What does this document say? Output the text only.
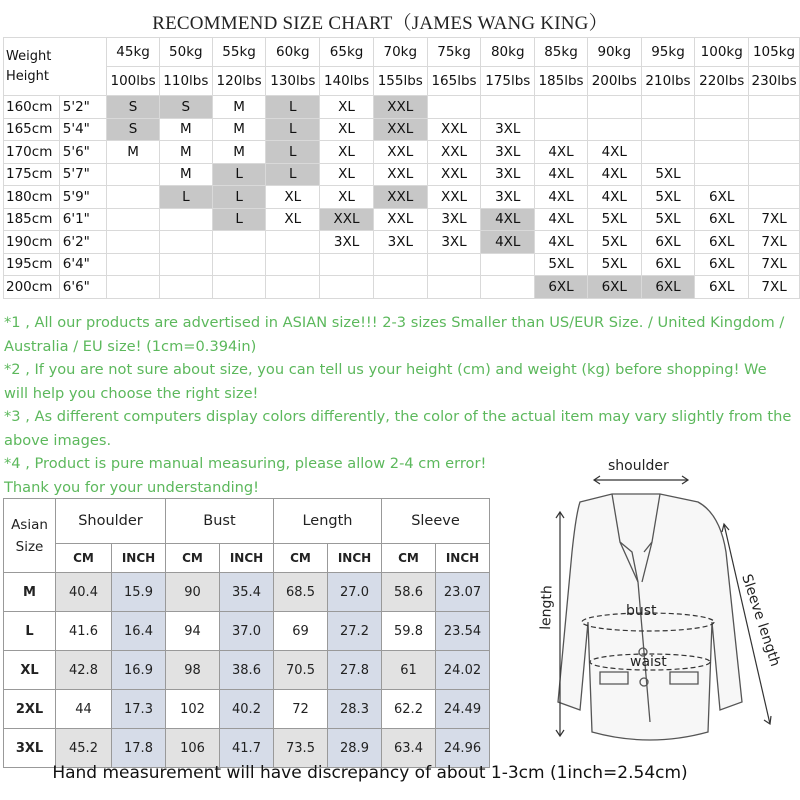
RECOMMEND SIZE CHART（JAMES WANG KING）
Weight
Height		45kg	50kg	55kg	60kg	65kg	70kg	75kg	80kg	85kg	90kg	95kg	100kg	105kg
		100lbs	110lbs	120lbs	130lbs	140lbs	155lbs	165lbs	175lbs	185lbs	200lbs	210lbs	220lbs	230lbs
160cm	5'2"	S	S	M	L	XL	XXL							
165cm	5'4"	S	M	M	L	XL	XXL	XXL	3XL					
170cm	5'6"	M	M	M	L	XL	XXL	XXL	3XL	4XL	4XL			
175cm	5'7"		M	L	L	XL	XXL	XXL	3XL	4XL	4XL	5XL		
180cm	5'9"		L	L	XL	XL	XXL	XXL	3XL	4XL	4XL	5XL	6XL	
185cm	6'1"			L	XL	XXL	XXL	3XL	4XL	4XL	5XL	5XL	6XL	7XL
190cm	6'2"					3XL	3XL	3XL	4XL	4XL	5XL	6XL	6XL	7XL
195cm	6'4"									5XL	5XL	6XL	6XL	7XL
200cm	6'6"									6XL	6XL	6XL	6XL	7XL

*1 , All our products are advertised in ASIAN size!!! 2-3 sizes Smaller than US/EUR Size. / United Kingdom / Australia / EU size! (1cm=0.394in)

*2 , If you are not sure about size, you can tell us your height (cm) and weight (kg) before shopping! We will help you choose the right size!

*3 , As different computers display colors differently, the color of the actual item may vary slightly from the above images.

*4 , Product is pure manual measuring, please allow 2-4 cm error!

Thank you for your understanding!

Asian
Size	Shoulder		Bust		Length		Sleeve	
	CM	INCH	CM	INCH	CM	INCH	CM	INCH
M	40.4	15.9	90	35.4	68.5	27.0	58.6	23.07
L	41.6	16.4	94	37.0	69	27.2	59.8	23.54
XL	42.8	16.9	98	38.6	70.5	27.8	61	24.02
2XL	44	17.3	102	40.2	72	28.3	62.2	24.49
3XL	45.2	17.8	106	41.7	73.5	28.9	63.4	24.96
shoulder
length	bust
waist	Sleeve length
Hand measurement will have discrepancy of about 1-3cm (1inch=2.54cm)
